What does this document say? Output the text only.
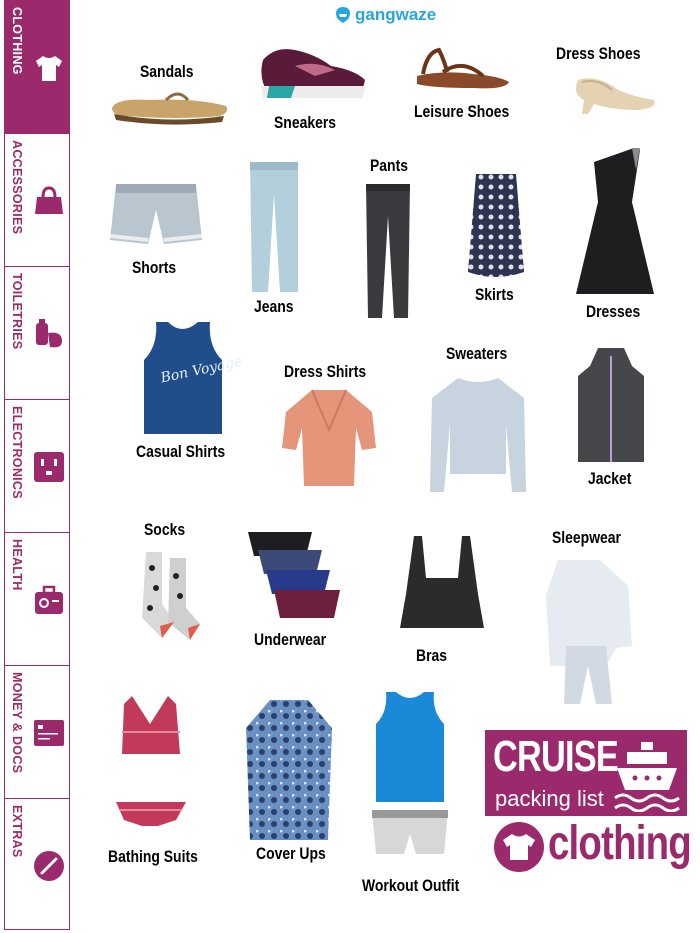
CLOTHING
ACCESSORIES
TOILETRIES
ELECTRONICS
HEALTH
MONEY & DOCS
EXTRAS
gangwaze
Sandals
Sneakers
Leisure Shoes
Dress Shoes
Shorts
Jeans
Pants
Skirts
Dresses
Bon Voyage
Casual Shirts
Dress Shirts
Sweaters
Jacket
Socks
Underwear
Bras
Sleepwear
Bathing Suits	Cover Ups
Workout Outfit
CRUISE
packing list
clothing
